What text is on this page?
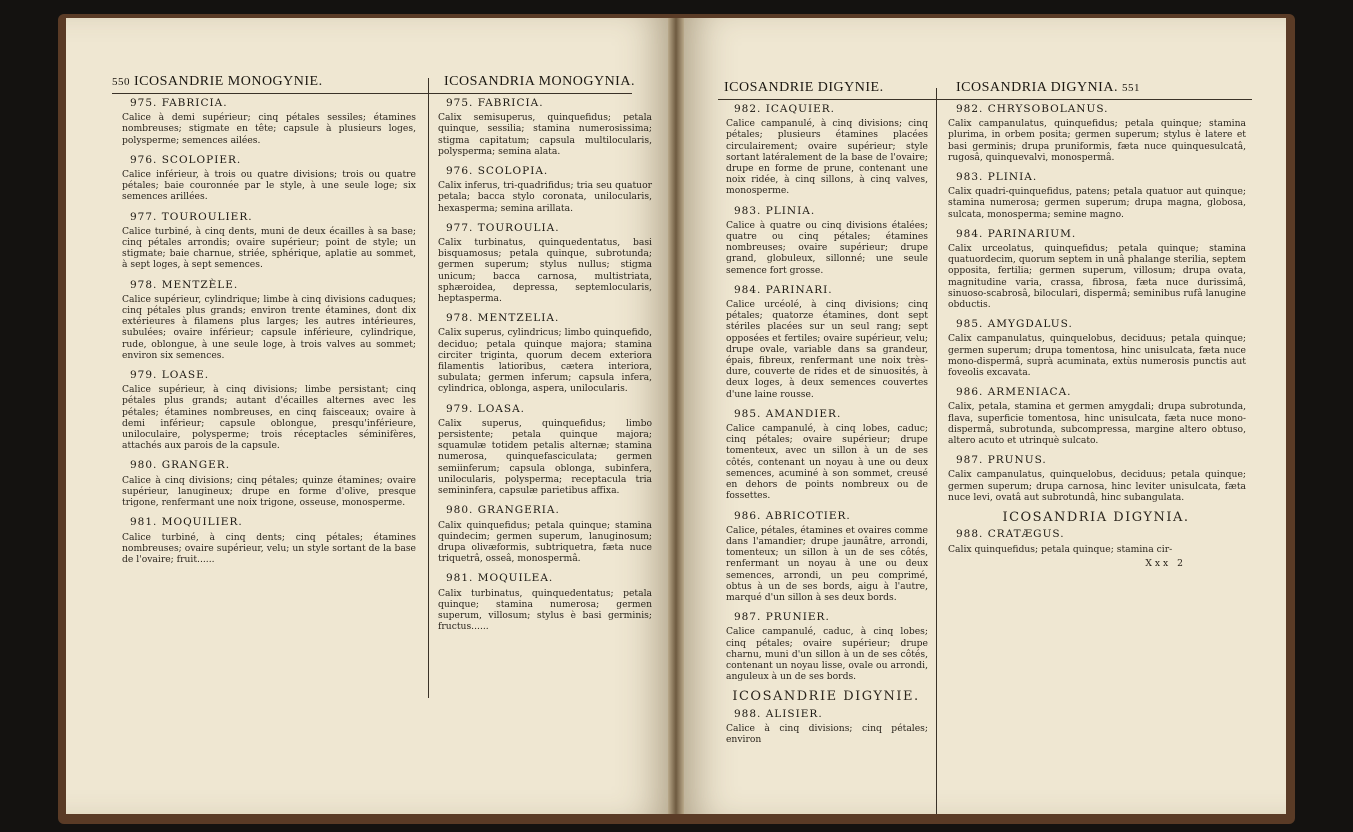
550 ICOSANDRIE MONOGYNIE.	ICOSANDRIA MONOGYNIA.
975. FABRICIA.
Calice à demi supérieur; cinq pétales sessiles; étamines nombreuses; stigmate en tête; capsule à plusieurs loges, polysperme; semences ailées.
976. SCOLOPIER.
Calice inférieur, à trois ou quatre divisions; trois ou quatre pétales; baie couronnée par le style, à une seule loge; six semences arillées.
977. TOUROULIER.
Calice turbiné, à cinq dents, muni de deux écailles à sa base; cinq pétales arrondis; ovaire supérieur; point de style; un stigmate; baie charnue, striée, sphérique, aplatie au sommet, à sept loges, à sept semences.
978. MENTZÈLE.
Calice supérieur, cylindrique; limbe à cinq divisions caduques; cinq pétales plus grands; environ trente étamines, dont dix extérieures à filamens plus larges; les autres intérieures, subulées; ovaire inférieur; capsule inférieure, cylindrique, rude, oblongue, à une seule loge, à trois valves au sommet; environ six semences.
979. LOASE.
Calice supérieur, à cinq divisions; limbe persistant; cinq pétales plus grands; autant d'écailles alternes avec les pétales; étamines nombreuses, en cinq faisceaux; ovaire à demi inférieur; capsule oblongue, presqu'inférieure, uniloculaire, polysperme; trois réceptacles séminifères, attachés aux parois de la capsule.
980. GRANGER.
Calice à cinq divisions; cinq pétales; quinze étamines; ovaire supérieur, lanugineux; drupe en forme d'olive, presque trigone, renfermant une noix trigone, osseuse, monosperme.
981. MOQUILIER.
Calice turbiné, à cinq dents; cinq pétales; étamines nombreuses; ovaire supérieur, velu; un style sortant de la base de l'ovaire; fruit......
975. FABRICIA.
Calix semisuperus, quinquefidus; petala quinque, sessilia; stamina numerosissima; stigma capitatum; capsula multilocularis, polysperma; semina alata.
976. SCOLOPIA.
Calix inferus, tri-quadrifidus; tria seu quatuor petala; bacca stylo coronata, unilocularis, hexasperma; semina arillata.
977. TOUROULIA.
Calix turbinatus, quinquedentatus, basi bisquamosus; petala quinque, subrotunda; germen superum; stylus nullus; stigma unicum; bacca carnosa, multistriata, sphæroidea, depressa, septemlocularis, heptasperma.
978. MENTZELIA.
Calix superus, cylindricus; limbo quinquefido, deciduo; petala quinque majora; stamina circiter triginta, quorum decem exteriora filamentis latioribus, cætera interiora, subulata; germen inferum; capsula infera, cylindrica, oblonga, aspera, unilocularis.
979. LOASA.
Calix superus, quinquefidus; limbo persistente; petala quinque majora; squamulæ totidem petalis alternæ; stamina numerosa, quinquefasciculata; germen semiinferum; capsula oblonga, subinfera, unilocularis, polysperma; receptacula tria semininfera, capsulæ parietibus affixa.
980. GRANGERIA.
Calix quinquefidus; petala quinque; stamina quindecim; germen superum, lanuginosum; drupa olivæformis, subtriquetra, fæta nuce triquetrâ, osseâ, monospermâ.
981. MOQUILEA.
Calix turbinatus, quinquedentatus; petala quinque; stamina numerosa; germen superum, villosum; stylus è basi germinis; fructus......
ICOSANDRIE DIGYNIE.	ICOSANDRIA DIGYNIA. 551
982. ICAQUIER.
Calice campanulé, à cinq divisions; cinq pétales; plusieurs étamines placées circulairement; ovaire supérieur; style sortant latéralement de la base de l'ovaire; drupe en forme de prune, contenant une noix ridée, à cinq sillons, à cinq valves, monosperme.
983. PLINIA.
Calice à quatre ou cinq divisions étalées; quatre ou cinq pétales; étamines nombreuses; ovaire supérieur; drupe grand, globuleux, sillonné; une seule semence fort grosse.
984. PARINARI.
Calice urcéolé, à cinq divisions; cinq pétales; quatorze étamines, dont sept stériles placées sur un seul rang; sept opposées et fertiles; ovaire supérieur, velu; drupe ovale, variable dans sa grandeur, épais, fibreux, renfermant une noix très-dure, couverte de rides et de sinuosités, à deux loges, à deux semences couvertes d'une laine rousse.
985. AMANDIER.
Calice campanulé, à cinq lobes, caduc; cinq pétales; ovaire supérieur; drupe tomenteux, avec un sillon à un de ses côtés, contenant un noyau à une ou deux semences, acuminé à son sommet, creusé en dehors de points nombreux ou de fossettes.
986. ABRICOTIER.
Calice, pétales, étamines et ovaires comme dans l'amandier; drupe jaunâtre, arrondi, tomenteux; un sillon à un de ses côtés, renfermant un noyau à une ou deux semences, arrondi, un peu comprimé, obtus à un de ses bords, aigu à l'autre, marqué d'un sillon à ses deux bords.
987. PRUNIER.
Calice campanulé, caduc, à cinq lobes; cinq pétales; ovaire supérieur; drupe charnu, muni d'un sillon à un de ses côtés, contenant un noyau lisse, ovale ou arrondi, anguleux à un de ses bords.
ICOSANDRIE DIGYNIE.
988. ALISIER.
Calice à cinq divisions; cinq pétales; environ
982. CHRYSOBOLANUS.
Calix campanulatus, quinquefidus; petala quinque; stamina plurima, in orbem posita; germen superum; stylus è latere et basi germinis; drupa pruniformis, fæta nuce quinquesulcatâ, rugosâ, quinquevalvi, monospermâ.
983. PLINIA.
Calix quadri-quinquefidus, patens; petala quatuor aut quinque; stamina numerosa; germen superum; drupa magna, globosa, sulcata, monosperma; semine magno.
984. PARINARIUM.
Calix urceolatus, quinquefidus; petala quinque; stamina quatuordecim, quorum septem in unâ phalange sterilia, septem opposita, fertilia; germen superum, villosum; drupa ovata, magnitudine varia, crassa, fibrosa, fæta nuce durissimâ, sinuoso-scabrosâ, biloculari, dispermâ; seminibus rufâ lanugine obductis.
985. AMYGDALUS.
Calix campanulatus, quinquelobus, deciduus; petala quinque; germen superum; drupa tomentosa, hinc unisulcata, fæta nuce mono-dispermâ, suprà acuminata, extùs numerosis punctis aut foveolis excavata.
986. ARMENIACA.
Calix, petala, stamina et germen amygdali; drupa subrotunda, flava, superficie tomentosa, hinc unisulcata, fæta nuce mono-dispermâ, subrotunda, subcompressa, margine altero obtuso, altero acuto et utrinquè sulcato.
987. PRUNUS.
Calix campanulatus, quinquelobus, deciduus; petala quinque; germen superum; drupa carnosa, hinc leviter unisulcata, fæta nuce levi, ovatâ aut subrotundâ, hinc subangulata.
ICOSANDRIA DIGYNIA.
988. CRATÆGUS.
Calix quinquefidus; petala quinque; stamina cir-
Xxx 2
